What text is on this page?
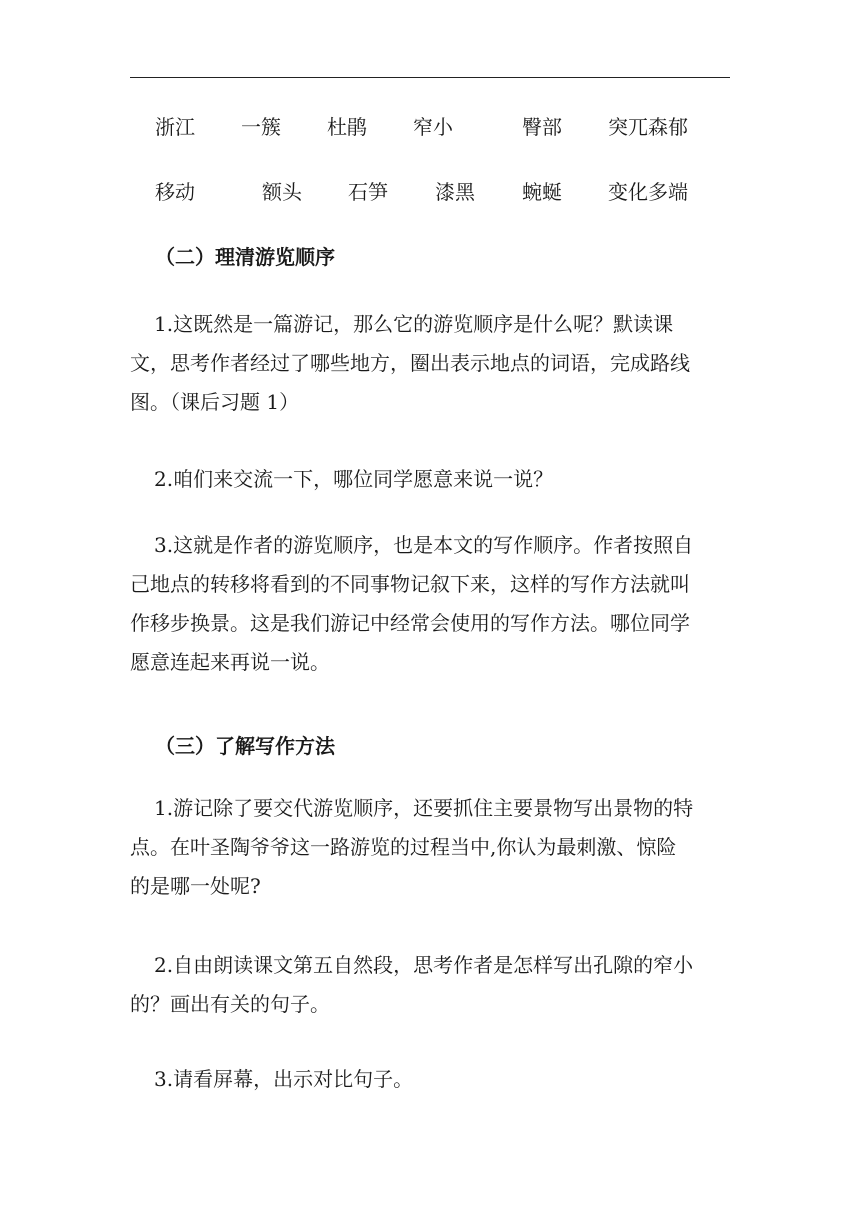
浙江 一簇 杜鹃 窄小	臀部 突兀森郁
移动	额头 石笋 漆黑 蜿蜒 变化多端
（二）理清游览顺序
1.这既然是一篇游记，那么它的游览顺序是什么呢？默读课
文，思考作者经过了哪些地方，圈出表示地点的词语，完成路线
图。（课后习题 1）
2.咱们来交流一下，哪位同学愿意来说一说？
3.这就是作者的游览顺序，也是本文的写作顺序。作者按照自
己地点的转移将看到的不同事物记叙下来，这样的写作方法就叫
作移步换景。这是我们游记中经常会使用的写作方法。哪位同学
愿意连起来再说一说。
（三）了解写作方法
1.游记除了要交代游览顺序，还要抓住主要景物写出景物的特
点。在叶圣陶爷爷这一路游览的过程当中,你认为最刺激、惊险
的是哪一处呢?
2.自由朗读课文第五自然段，思考作者是怎样写出孔隙的窄小
的？画出有关的句子。
3.请看屏幕，出示对比句子。
